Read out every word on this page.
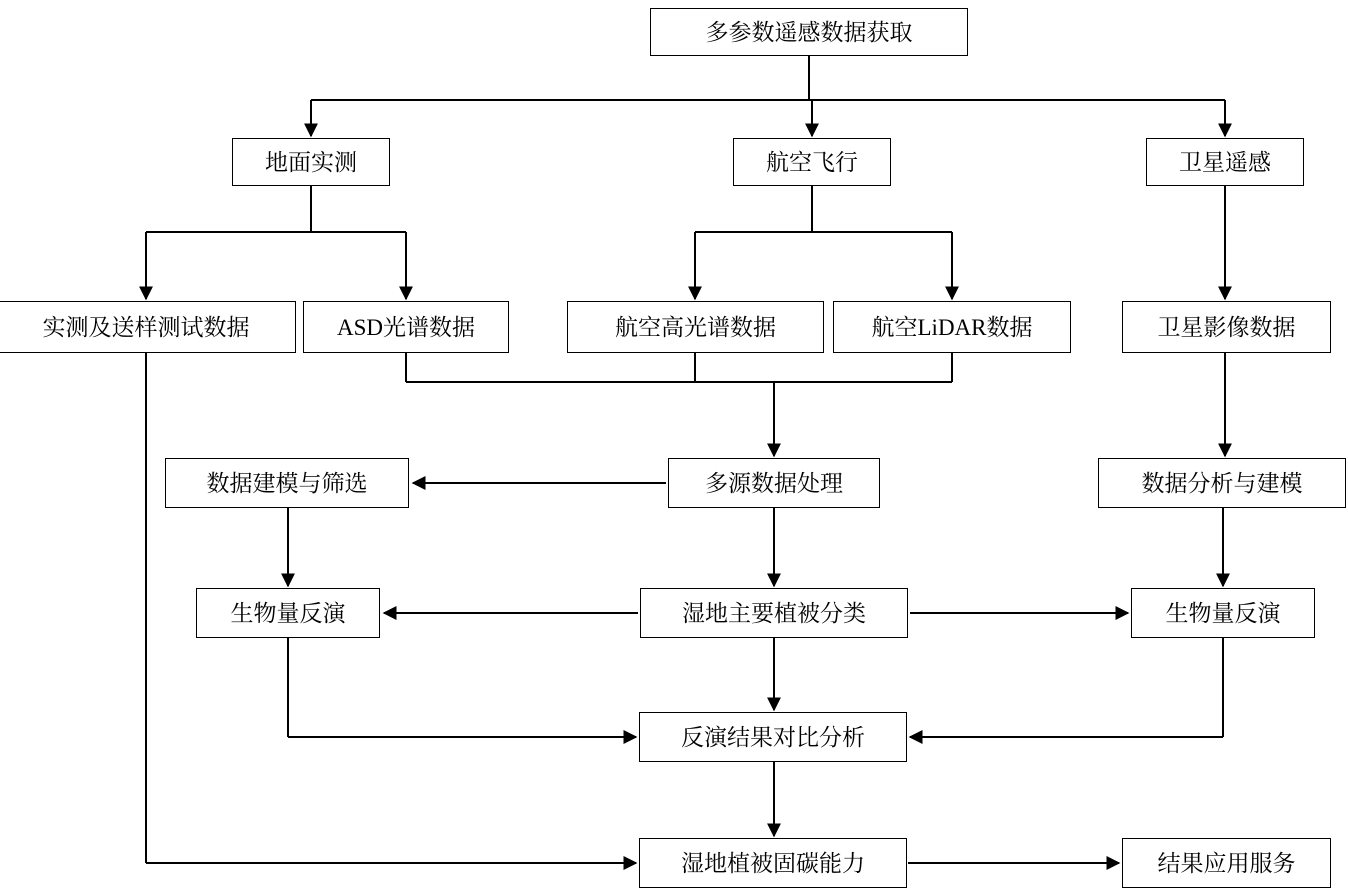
多参数遥感数据获取
地面实测	航空飞行	卫星遥感
实测及送样测试数据	ASD光谱数据	航空高光谱数据	航空LiDAR数据	卫星影像数据
数据建模与筛选	多源数据处理	数据分析与建模
生物量反演	湿地主要植被分类	生物量反演
反演结果对比分析
湿地植被固碳能力	结果应用服务
